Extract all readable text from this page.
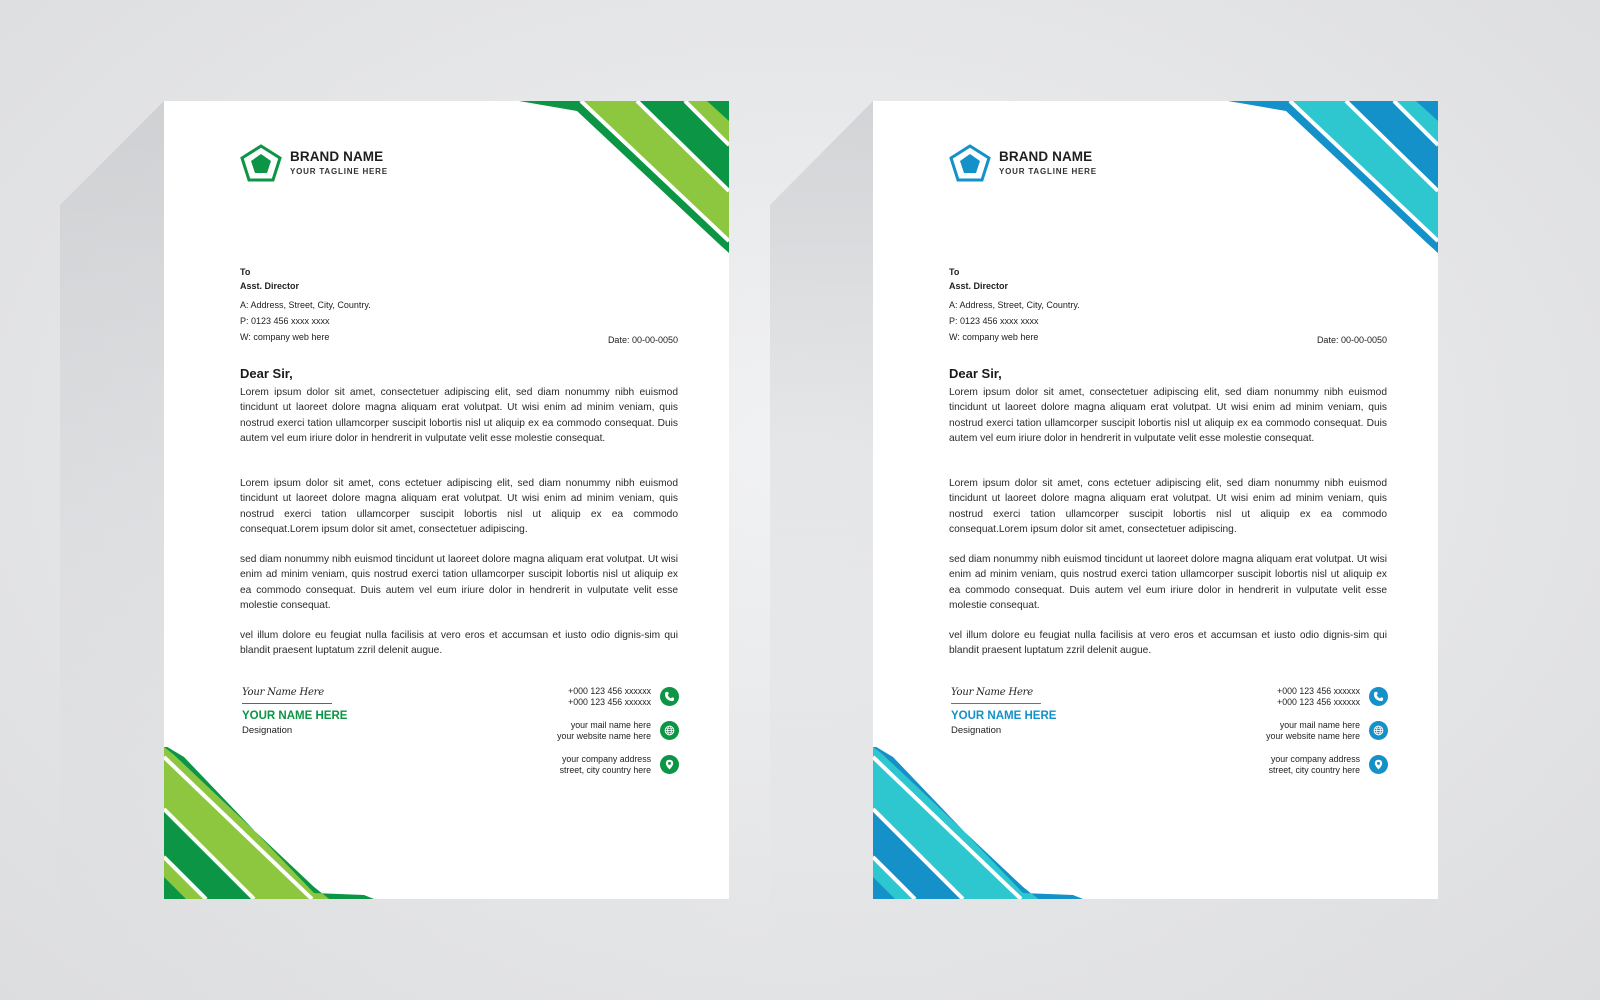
BRAND NAME
YOUR TAGLINE HERE
To
Asst. Director
A: Address, Street, City, Country.
P: 0123 456 xxxx xxxx
W: company web here	Date: 00-00-0050
Dear Sir,
Lorem ipsum dolor sit amet, consectetuer adipiscing elit, sed diam nonummy nibh euismod tincidunt ut laoreet dolore magna aliquam erat volutpat. Ut wisi enim ad minim veniam, quis nostrud exerci tation ullamcorper suscipit lobortis nisl ut aliquip ex ea commodo consequat. Duis autem vel eum iriure dolor in hendrerit in vulputate velit esse molestie consequat.
Lorem ipsum dolor sit amet, cons ectetuer adipiscing elit, sed diam nonummy nibh euismod tincidunt ut laoreet dolore magna aliquam erat volutpat. Ut wisi enim ad minim veniam, quis nostrud exerci tation ullamcorper suscipit lobortis nisl ut aliquip ex ea commodo consequat.Lorem ipsum dolor sit amet, consectetuer adipiscing.
sed diam nonummy nibh euismod tincidunt ut laoreet dolore magna aliquam erat volutpat. Ut wisi enim ad minim veniam, quis nostrud exerci tation ullamcorper suscipit lobortis nisl ut aliquip ex ea commodo consequat. Duis autem vel eum iriure dolor in hendrerit in vulputate velit esse molestie consequat.
vel illum dolore eu feugiat nulla facilisis at vero eros et accumsan et iusto odio dignis-sim qui blandit praesent luptatum zzril delenit augue.
Your Name Here
YOUR NAME HERE
Designation
+000 123 456 xxxxxx
+000 123 456 xxxxxx
your mail name here
your website name here
your company address
street, city country here
BRAND NAME
YOUR TAGLINE HERE
To
Asst. Director
A: Address, Street, City, Country.
P: 0123 456 xxxx xxxx
W: company web here	Date: 00-00-0050
Dear Sir,
Lorem ipsum dolor sit amet, consectetuer adipiscing elit, sed diam nonummy nibh euismod tincidunt ut laoreet dolore magna aliquam erat volutpat. Ut wisi enim ad minim veniam, quis nostrud exerci tation ullamcorper suscipit lobortis nisl ut aliquip ex ea commodo consequat. Duis autem vel eum iriure dolor in hendrerit in vulputate velit esse molestie consequat.
Lorem ipsum dolor sit amet, cons ectetuer adipiscing elit, sed diam nonummy nibh euismod tincidunt ut laoreet dolore magna aliquam erat volutpat. Ut wisi enim ad minim veniam, quis nostrud exerci tation ullamcorper suscipit lobortis nisl ut aliquip ex ea commodo consequat.Lorem ipsum dolor sit amet, consectetuer adipiscing.
sed diam nonummy nibh euismod tincidunt ut laoreet dolore magna aliquam erat volutpat. Ut wisi enim ad minim veniam, quis nostrud exerci tation ullamcorper suscipit lobortis nisl ut aliquip ex ea commodo consequat. Duis autem vel eum iriure dolor in hendrerit in vulputate velit esse molestie consequat.
vel illum dolore eu feugiat nulla facilisis at vero eros et accumsan et iusto odio dignis-sim qui blandit praesent luptatum zzril delenit augue.
Your Name Here
YOUR NAME HERE
Designation
+000 123 456 xxxxxx
+000 123 456 xxxxxx
your mail name here
your website name here
your company address
street, city country here
